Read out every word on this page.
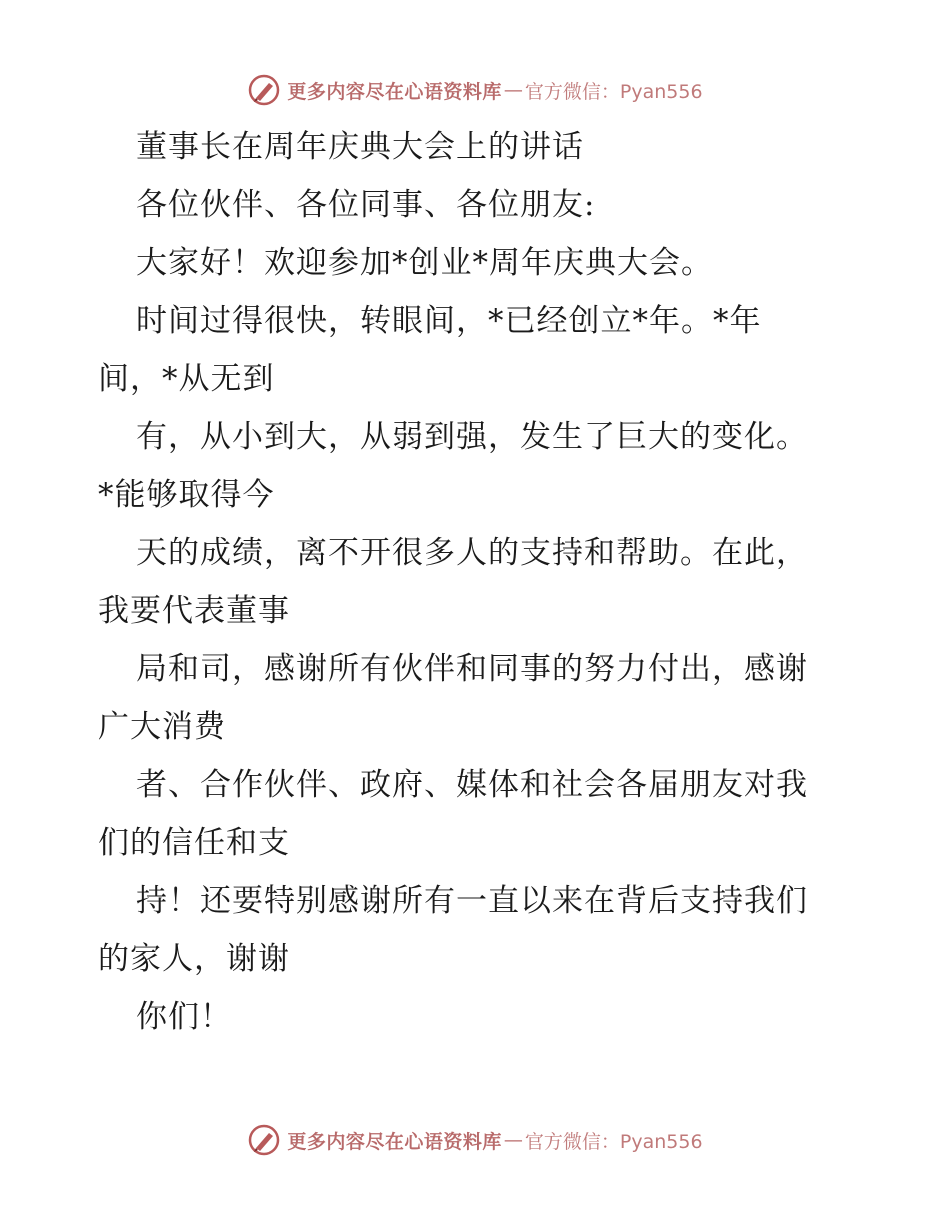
更多内容尽在心语资料库 — 官方微信：Pyan556
董事长在周年庆典大会上的讲话
各位伙伴、各位同事、各位朋友:
大家好！欢迎参加*创业*周年庆典大会。
时间过得很快，转眼间，*已经创立*年。*年
间，*从无到
有，从小到大，从弱到强，发生了巨大的变化。
*能够取得今
天的成绩，离不开很多人的支持和帮助。在此，
我要代表董事
局和司，感谢所有伙伴和同事的努力付出，感谢
广大消费
者、合作伙伴、政府、媒体和社会各届朋友对我
们的信任和支
持！还要特别感谢所有一直以来在背后支持我们
的家人，谢谢
你们！
更多内容尽在心语资料库 — 官方微信：Pyan556
